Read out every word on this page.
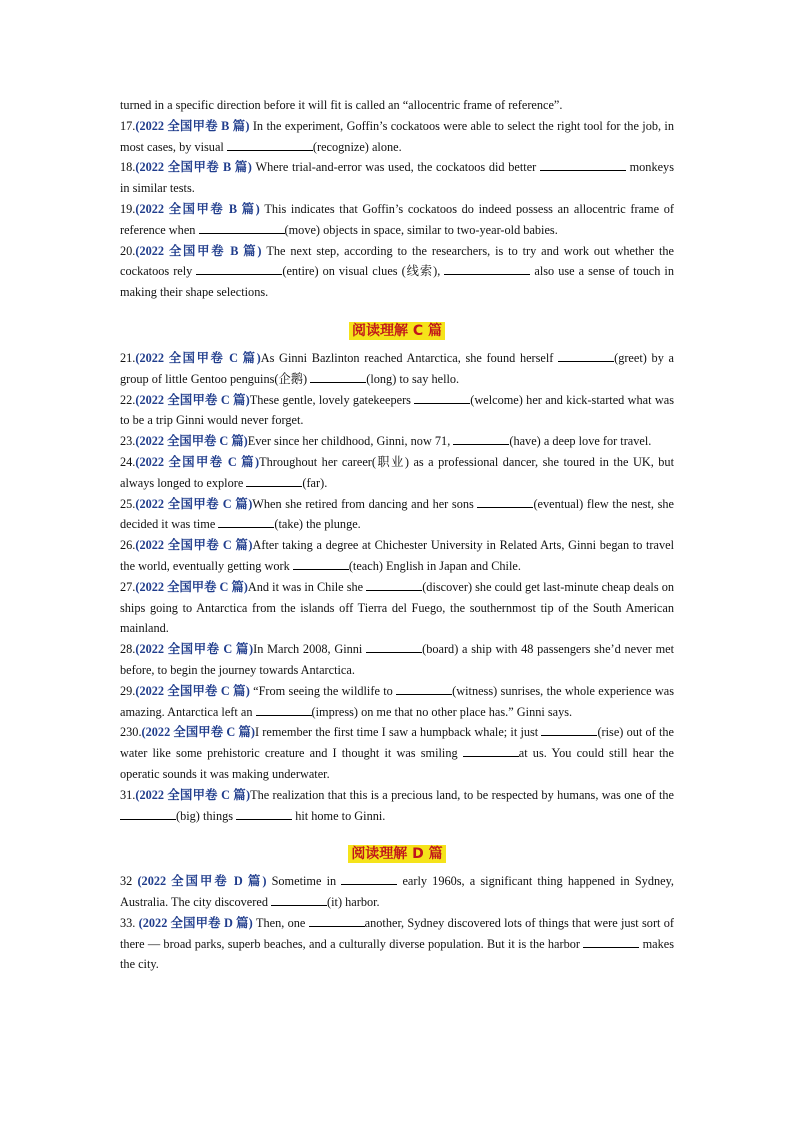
turned in a specific direction before it will fit is called an “allocentric frame of reference”.

17.(2022 全国甲卷 B 篇) In the experiment, Goffin’s cockatoos were able to select the right tool for the job, in most cases, by visual	(recognize) alone.

18.(2022 全国甲卷 B 篇) Where trial-and-error was used, the cockatoos did better	monkeys in similar tests.

19.(2022 全国甲卷 B 篇) This indicates that Goffin’s cockatoos do indeed possess an allocentric frame of reference when	(move) objects in space, similar to two-year-old babies.

20.(2022 全国甲卷 B 篇) The next step, according to the researchers, is to try and work out whether the cockatoos rely	(entire) on visual clues (线索),	also use a sense of touch in making their shape selections.

阅读理解 C 篇

21.(2022 全国甲卷 C 篇)As Ginni Bazlinton reached Antarctica, she found herself	(greet) by a group of little Gentoo penguins(企鹅)	(long) to say hello.

22.(2022 全国甲卷 C 篇)These gentle, lovely gatekeepers	(welcome) her and kick-started what was to be a trip Ginni would never forget.

23.(2022 全国甲卷 C 篇)Ever since her childhood, Ginni, now 71,	(have) a deep love for travel.

24.(2022 全国甲卷 C 篇)Throughout her career(职业) as a professional dancer, she toured in the UK, but always longed to explore	(far).

25.(2022 全国甲卷 C 篇)When she retired from dancing and her sons	(eventual) flew the nest, she decided it was time	(take) the plunge.

26.(2022 全国甲卷 C 篇)After taking a degree at Chichester University in Related Arts, Ginni began to travel the world, eventually getting work	(teach) English in Japan and Chile.

27.(2022 全国甲卷 C 篇)And it was in Chile she	(discover) she could get last-minute cheap deals on ships going to Antarctica from the islands off Tierra del Fuego, the southernmost tip of the South American mainland.

28.(2022 全国甲卷 C 篇)In March 2008, Ginni	(board) a ship with 48 passengers she’d never met before, to begin the journey towards Antarctica.

29.(2022 全国甲卷 C 篇) “From seeing the wildlife to	(witness) sunrises, the whole experience was amazing. Antarctica left an	(impress) on me that no other place has.” Ginni says.

230.(2022 全国甲卷 C 篇)I remember the first time I saw a humpback whale; it just	(rise) out of the water like some prehistoric creature and I thought it was smiling	at us. You could still hear the operatic sounds it was making underwater.

31.(2022 全国甲卷 C 篇)The realization that this is a precious land, to be respected by humans, was one of the (big) things	hit home to Ginni.

阅读理解 D 篇

32 (2022 全国甲卷 D 篇) Sometime in	early 1960s, a significant thing happened in Sydney, Australia. The city discovered	(it) harbor.

33. (2022 全国甲卷 D 篇) Then, one	another, Sydney discovered lots of things that were just sort of there — broad parks, superb beaches, and a culturally diverse population. But it is the harbor	makes the city.
